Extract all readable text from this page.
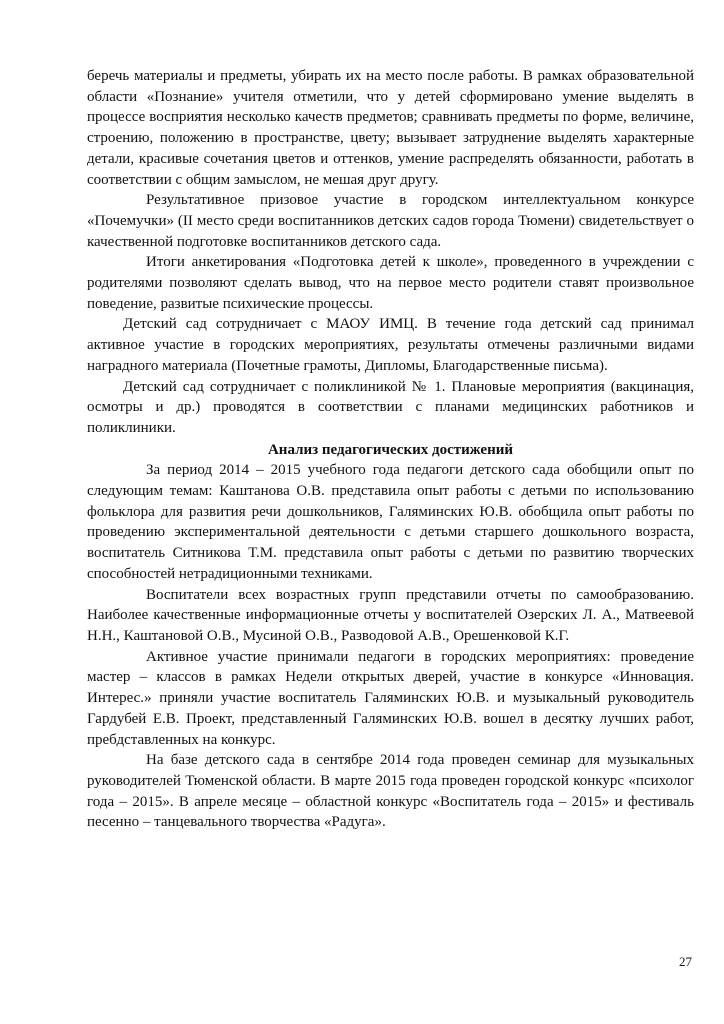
беречь материалы и предметы, убирать их на место после работы. В рамках образовательной области «Познание» учителя отметили, что у детей сформировано умение выделять в процессе восприятия несколько качеств предметов; сравнивать предметы по форме, величине, строению, положению в пространстве, цвету; вызывает затруднение выделять характерные детали, красивые сочетания цветов и оттенков, умение распределять обязанности, работать в соответствии с общим замыслом, не мешая друг другу.

Результативное призовое участие в городском интеллектуальном конкурсе «Почемучки» (II место среди воспитанников детских садов города Тюмени) свидетельствует о качественной подготовке воспитанников детского сада.

Итоги анкетирования «Подготовка детей к школе», проведенного в учреждении с родителями позволяют сделать вывод, что на первое место родители ставят произвольное поведение, развитые психические процессы.

Детский сад сотрудничает с МАОУ ИМЦ. В течение года детский сад принимал активное участие в городских мероприятиях, результаты отмечены различными видами наградного материала (Почетные грамоты, Дипломы, Благодарственные письма).

Детский сад сотрудничает с поликлиникой № 1. Плановые мероприятия (вакцинация, осмотры и др.) проводятся в соответствии с планами медицинских работников и поликлиники.

Анализ педагогических достижений

За период 2014 – 2015 учебного года педагоги детского сада обобщили опыт по следующим темам: Каштанова О.В. представила опыт работы с детьми по использованию фольклора для развития речи дошкольников, Галяминских Ю.В. обобщила опыт работы по проведению экспериментальной деятельности с детьми старшего дошкольного возраста, воспитатель Ситникова Т.М. представила опыт работы с детьми по развитию творческих способностей нетрадиционными техниками.

Воспитатели всех возрастных групп представили отчеты по самообразованию. Наиболее качественные информационные отчеты у воспитателей Озерских Л. А., Матвеевой Н.Н., Каштановой О.В., Мусиной О.В., Разводовой А.В., Орешенковой К.Г.

Активное участие принимали педагоги в городских мероприятиях: проведение мастер – классов в рамках Недели открытых дверей, участие в конкурсе «Инновация. Интерес.» приняли участие воспитатель Галяминских Ю.В. и музыкальный руководитель Гардубей Е.В. Проект, представленный Галяминских Ю.В. вошел в десятку лучших работ, пребдставленных на конкурс.

На базе детского сада в сентябре 2014 года проведен семинар для музыкальных руководителей Тюменской области. В марте 2015 года проведен городской конкурс «психолог года – 2015». В апреле месяце – областной конкурс «Воспитатель года – 2015» и фестиваль песенно – танцевального творчества «Радуга».

27
